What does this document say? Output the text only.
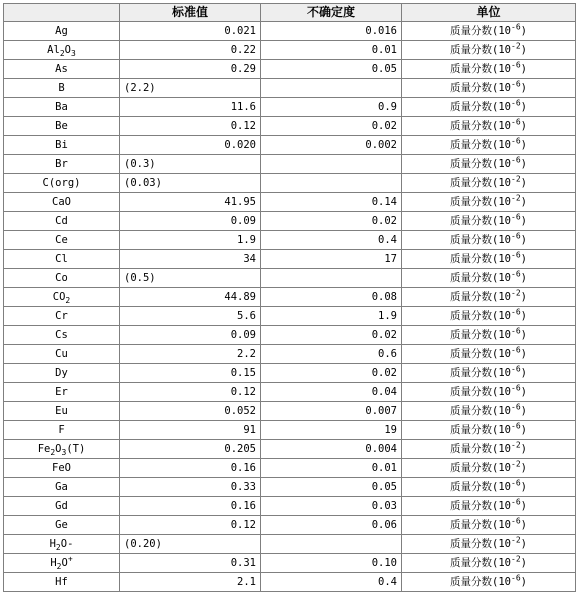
	标准值	不确定度	单位
Ag	0.021	0.016	质量分数$(10^{-6})$
$Al_2O_3$	0.22	0.01	质量分数$(10^{-2})$
As	0.29	0.05	质量分数$(10^{-6})$
B	(2.2)		质量分数$(10^{-6})$
Ba	11.6	0.9	质量分数$(10^{-6})$
Be	0.12	0.02	质量分数$(10^{-6})$
Bi	0.020	0.002	质量分数$(10^{-6})$
Br	(0.3)		质量分数$(10^{-6})$
C(org)	(0.03)		质量分数$(10^{-2})$
CaO	41.95	0.14	质量分数$(10^{-2})$
Cd	0.09	0.02	质量分数$(10^{-6})$
Ce	1.9	0.4	质量分数$(10^{-6})$
Cl	34	17	质量分数$(10^{-6})$
Co	(0.5)		质量分数$(10^{-6})$
$CO_2$	44.89	0.08	质量分数$(10^{-2})$
Cr	5.6	1.9	质量分数$(10^{-6})$
Cs	0.09	0.02	质量分数$(10^{-6})$
Cu	2.2	0.6	质量分数$(10^{-6})$
Dy	0.15	0.02	质量分数$(10^{-6})$
Er	0.12	0.04	质量分数$(10^{-6})$
Eu	0.052	0.007	质量分数$(10^{-6})$
F	91	19	质量分数$(10^{-6})$
$Fe_2O_3(T)$	0.205	0.004	质量分数$(10^{-2})$
FeO	0.16	0.01	质量分数$(10^{-2})$
Ga	0.33	0.05	质量分数$(10^{-6})$
Gd	0.16	0.03	质量分数$(10^{-6})$
Ge	0.12	0.06	质量分数$(10^{-6})$
$H_2O-$	(0.20)		质量分数$(10^{-2})$
$H_2O^+$	0.31	0.10	质量分数$(10^{-2})$
Hf	2.1	0.4	质量分数$(10^{-6})$
